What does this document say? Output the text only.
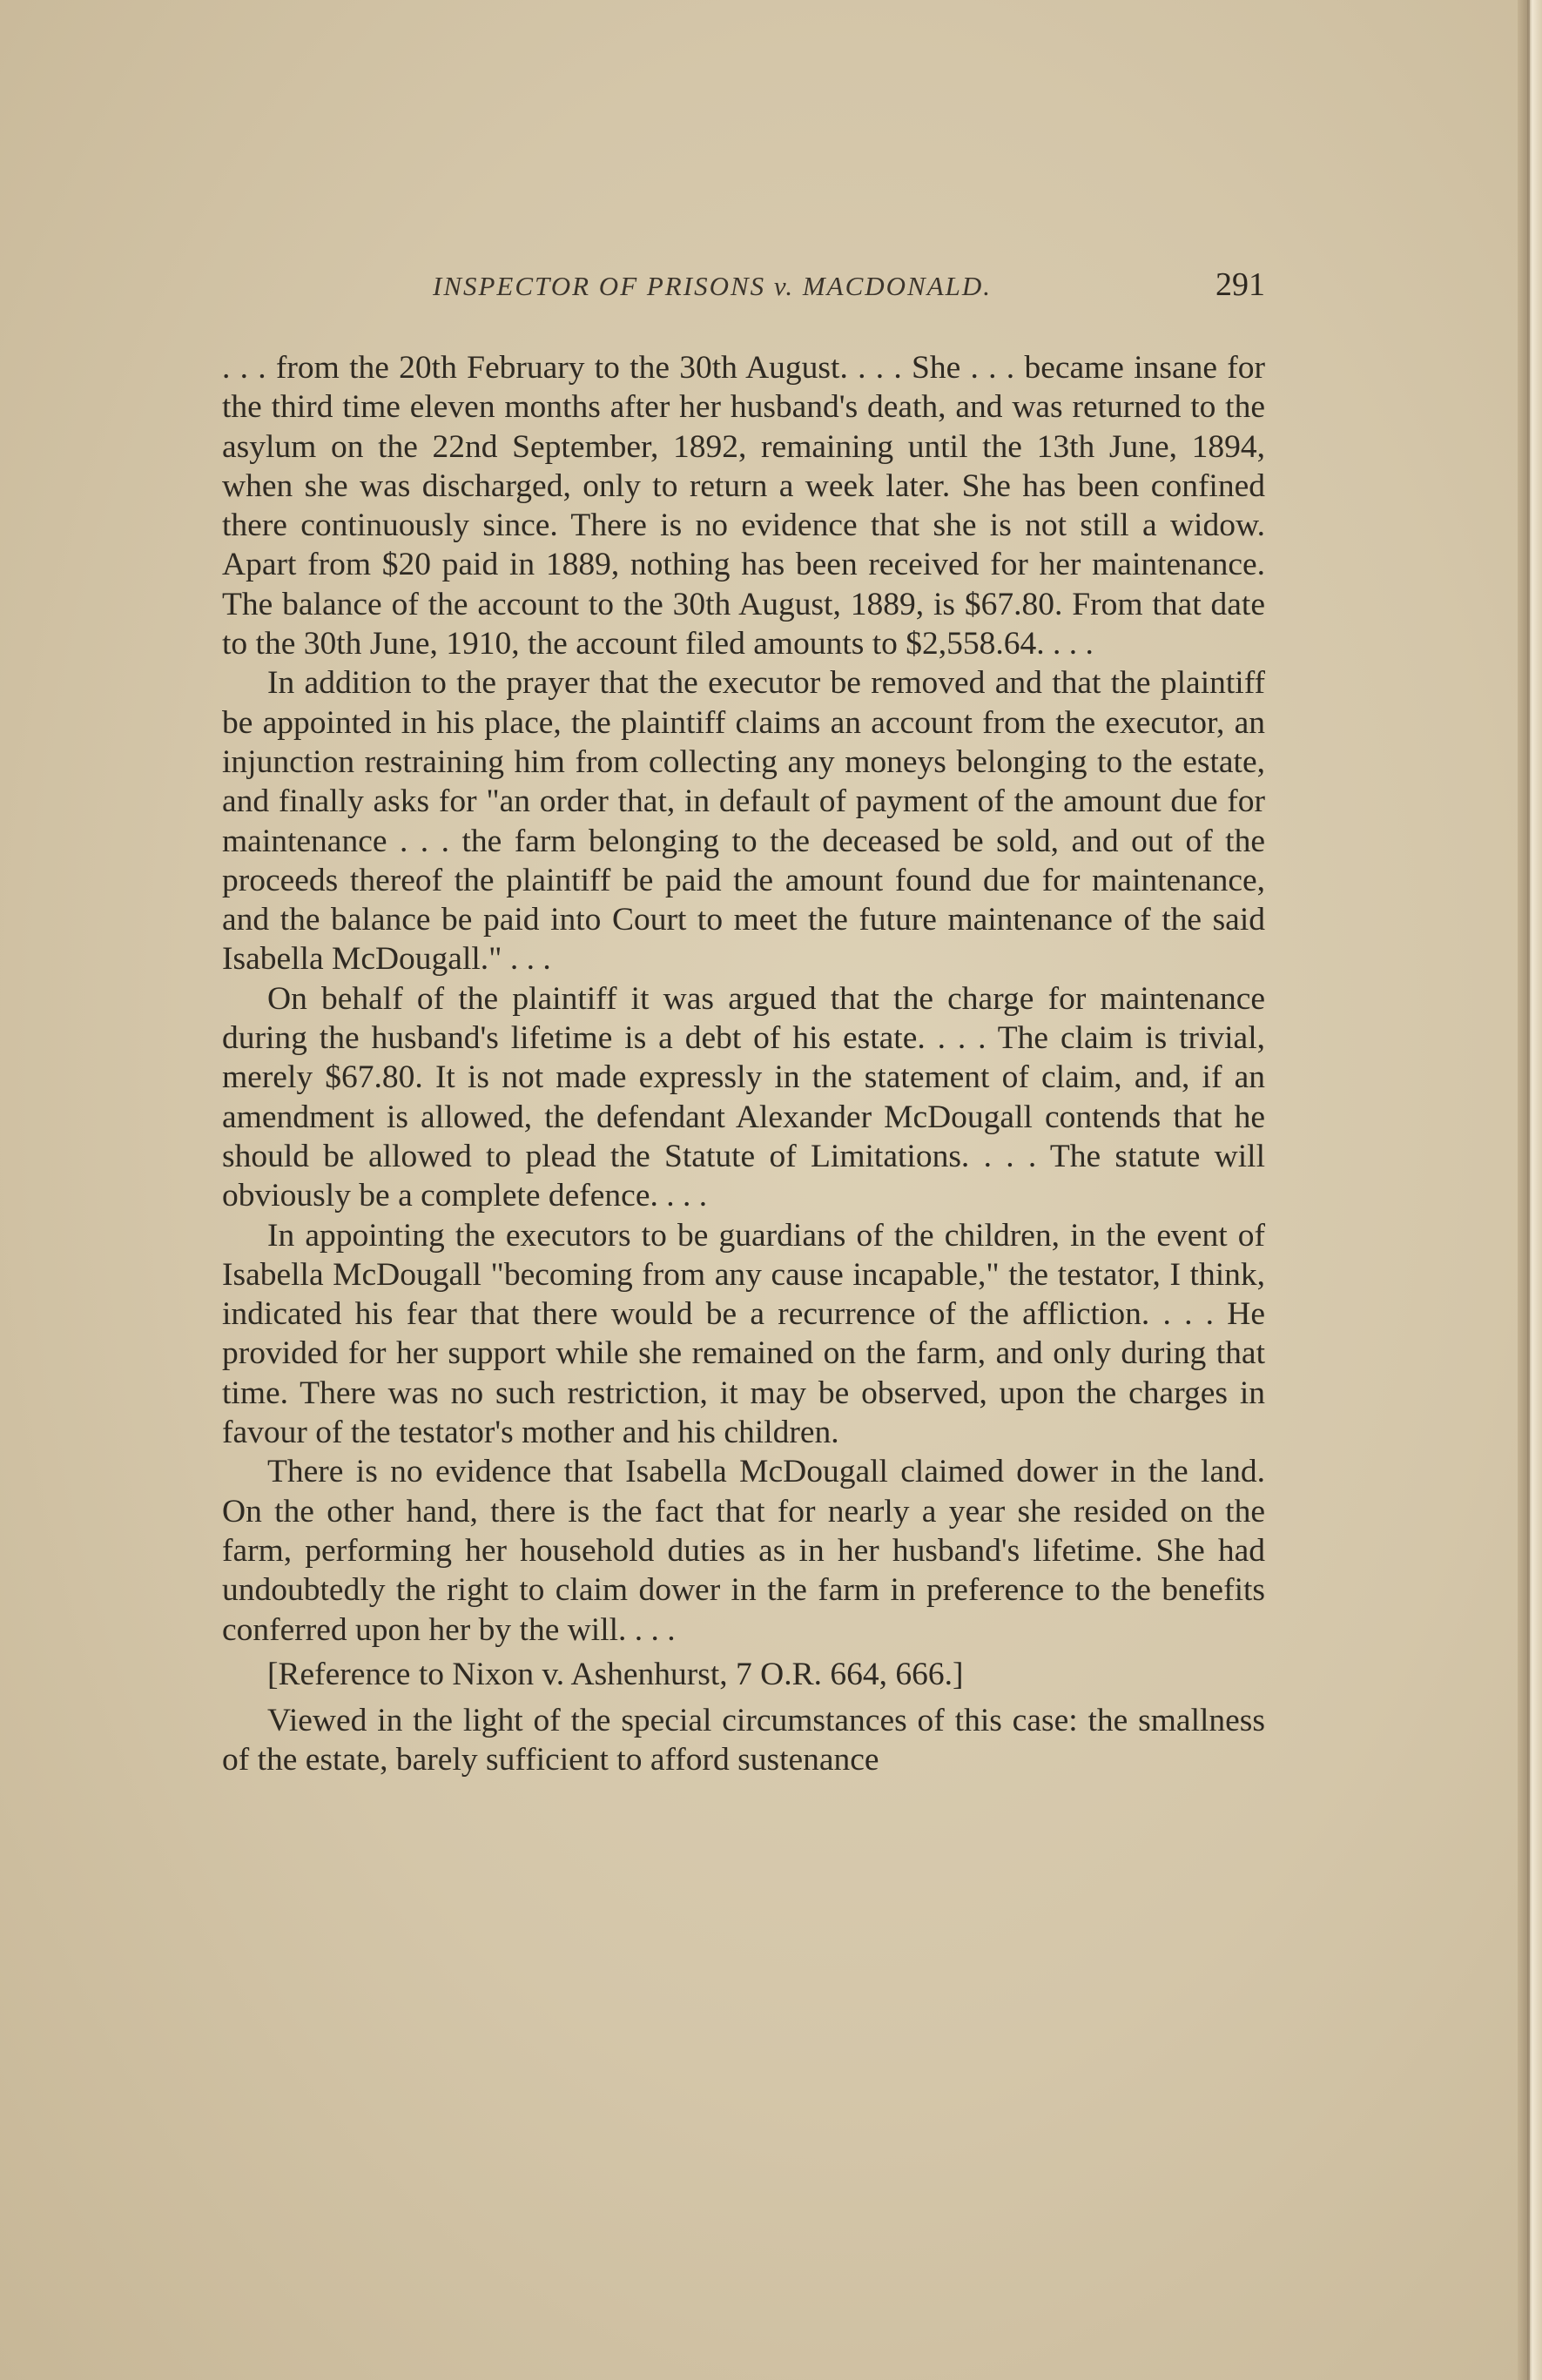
INSPECTOR OF PRISONS v. MACDONALD.	291

. . . from the 20th February to the 30th August. . . . She . . . became insane for the third time eleven months after her husband's death, and was returned to the asylum on the 22nd September, 1892, remaining until the 13th June, 1894, when she was discharged, only to return a week later. She has been confined there continuously since. There is no evidence that she is not still a widow. Apart from $20 paid in 1889, nothing has been received for her maintenance. The balance of the account to the 30th August, 1889, is $67.80. From that date to the 30th June, 1910, the account filed amounts to $2,558.64. . . .

In addition to the prayer that the executor be removed and that the plaintiff be appointed in his place, the plaintiff claims an account from the executor, an injunction restraining him from collecting any moneys belonging to the estate, and finally asks for "an order that, in default of payment of the amount due for maintenance . . . the farm belonging to the deceased be sold, and out of the proceeds thereof the plaintiff be paid the amount found due for maintenance, and the balance be paid into Court to meet the future maintenance of the said Isabella McDougall." . . .

On behalf of the plaintiff it was argued that the charge for maintenance during the husband's lifetime is a debt of his estate. . . . The claim is trivial, merely $67.80. It is not made expressly in the statement of claim, and, if an amendment is allowed, the defendant Alexander McDougall contends that he should be allowed to plead the Statute of Limitations. . . . The statute will obviously be a complete defence. . . .

In appointing the executors to be guardians of the children, in the event of Isabella McDougall "becoming from any cause incapable," the testator, I think, indicated his fear that there would be a recurrence of the affliction. . . . He provided for her support while she remained on the farm, and only during that time. There was no such restriction, it may be observed, upon the charges in favour of the testator's mother and his children.

There is no evidence that Isabella McDougall claimed dower in the land. On the other hand, there is the fact that for nearly a year she resided on the farm, performing her household duties as in her husband's lifetime. She had undoubtedly the right to claim dower in the farm in preference to the benefits conferred upon her by the will. . . .

[Reference to Nixon v. Ashenhurst, 7 O.R. 664, 666.]

Viewed in the light of the special circumstances of this case: the smallness of the estate, barely sufficient to afford sustenance
